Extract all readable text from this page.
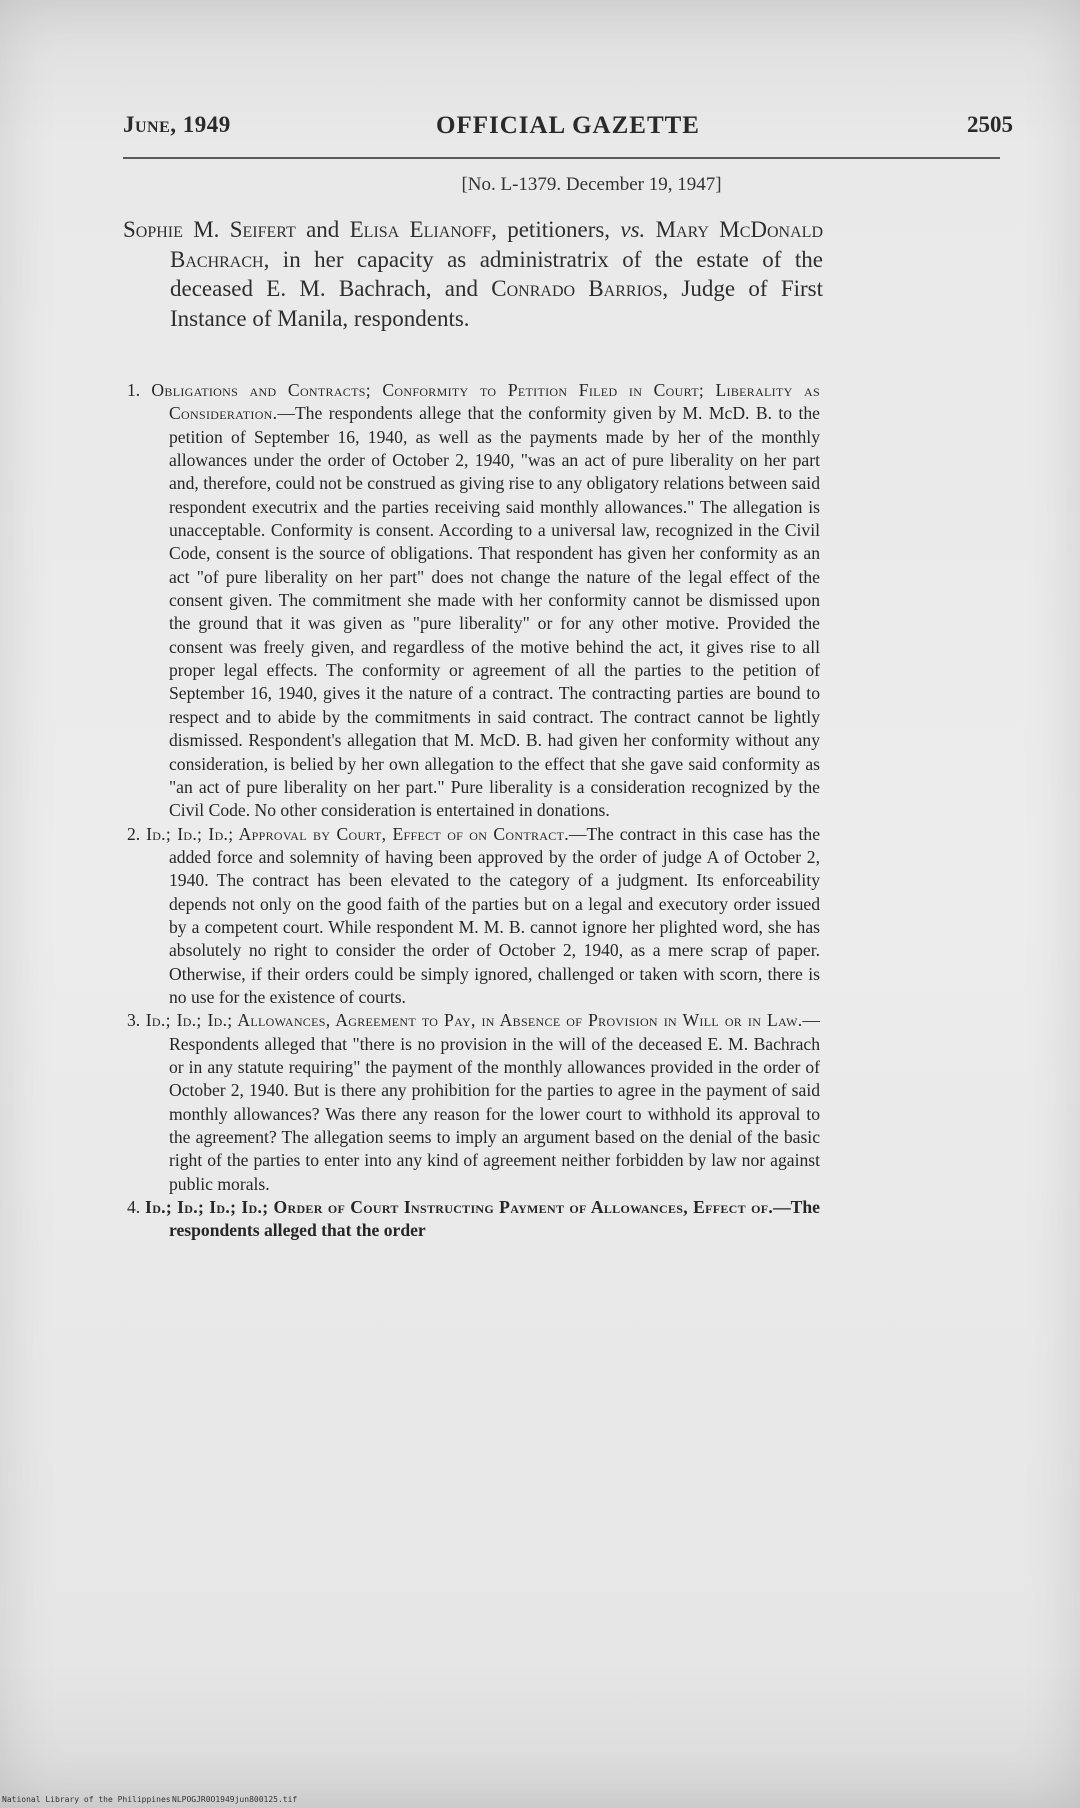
June, 1949	OFFICIAL GAZETTE	2505
[No. L-1379. December 19, 1947]
Sophie M. Seifert and Elisa Elianoff, petitioners, vs. Mary McDonald Bachrach, in her capacity as administratrix of the estate of the deceased E. M. Bachrach, and Conrado Barrios, Judge of First Instance of Manila, respondents.

1. Obligations and Contracts; Conformity to Petition Filed in Court; Liberality as Consideration.—The respondents allege that the conformity given by M. McD. B. to the petition of September 16, 1940, as well as the payments made by her of the monthly allowances under the order of October 2, 1940, "was an act of pure liberality on her part and, therefore, could not be construed as giving rise to any obligatory relations between said respondent executrix and the parties receiving said monthly allowances." The allegation is unacceptable. Conformity is consent. According to a universal law, recognized in the Civil Code, consent is the source of obligations. That respondent has given her conformity as an act "of pure liberality on her part" does not change the nature of the legal effect of the consent given. The commitment she made with her conformity cannot be dismissed upon the ground that it was given as "pure liberality" or for any other motive. Provided the consent was freely given, and regardless of the motive behind the act, it gives rise to all proper legal effects. The conformity or agreement of all the parties to the petition of September 16, 1940, gives it the nature of a contract. The contracting parties are bound to respect and to abide by the commitments in said contract. The contract cannot be lightly dismissed. Respondent's allegation that M. McD. B. had given her conformity without any consideration, is belied by her own allegation to the effect that she gave said conformity as "an act of pure liberality on her part." Pure liberality is a consideration recognized by the Civil Code. No other consideration is entertained in donations.

2. Id.; Id.; Id.; Approval by Court, Effect of on Contract.—The contract in this case has the added force and solemnity of having been approved by the order of judge A of October 2, 1940. The contract has been elevated to the category of a judgment. Its enforceability depends not only on the good faith of the parties but on a legal and executory order issued by a competent court. While respondent M. M. B. cannot ignore her plighted word, she has absolutely no right to consider the order of October 2, 1940, as a mere scrap of paper. Otherwise, if their orders could be simply ignored, challenged or taken with scorn, there is no use for the existence of courts.

3. Id.; Id.; Id.; Allowances, Agreement to Pay, in Absence of Provision in Will or in Law.—Respondents alleged that "there is no provision in the will of the deceased E. M. Bachrach or in any statute requiring" the payment of the monthly allowances provided in the order of October 2, 1940. But is there any prohibition for the parties to agree in the payment of said monthly allowances? Was there any reason for the lower court to withhold its approval to the agreement? The allegation seems to imply an argument based on the denial of the basic right of the parties to enter into any kind of agreement neither forbidden by law nor against public morals.

4. Id.; Id.; Id.; Id.; Order of Court Instructing Payment of Allowances, Effect of.—The respondents alleged that the order

National Library of the Philippines NLPOGJR0O1949jun800125.tif
